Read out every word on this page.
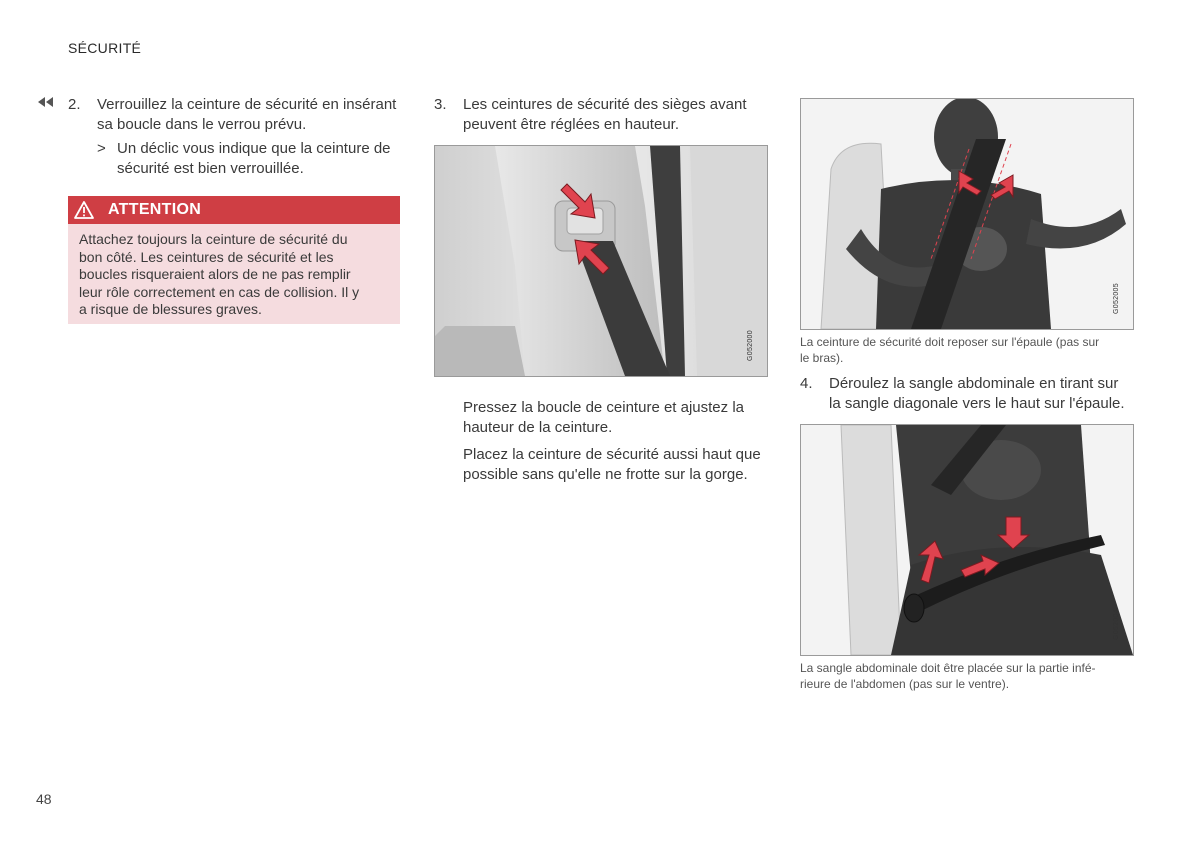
SÉCURITÉ
2. Verrouillez la ceinture de sécurité en insérant
sa boucle dans le verrou prévu.
> Un déclic vous indique que la ceinture de
sécurité est bien verrouillée.
ATTENTION
Attachez toujours la ceinture de sécurité du
bon côté. Les ceintures de sécurité et les
boucles risqueraient alors de ne pas remplir
leur rôle correctement en cas de collision. Il y
a risque de blessures graves.
3. Les ceintures de sécurité des sièges avant
peuvent être réglées en hauteur.
G052000
Pressez la boucle de ceinture et ajustez la
hauteur de la ceinture.
Placez la ceinture de sécurité aussi haut que
possible sans qu'elle ne frotte sur la gorge.
G052005
La ceinture de sécurité doit reposer sur l'épaule (pas sur
le bras).
4. Déroulez la sangle abdominale en tirant sur
la sangle diagonale vers le haut sur l'épaule.
G052004
La sangle abdominale doit être placée sur la partie infé-
rieure de l'abdomen (pas sur le ventre).
48
